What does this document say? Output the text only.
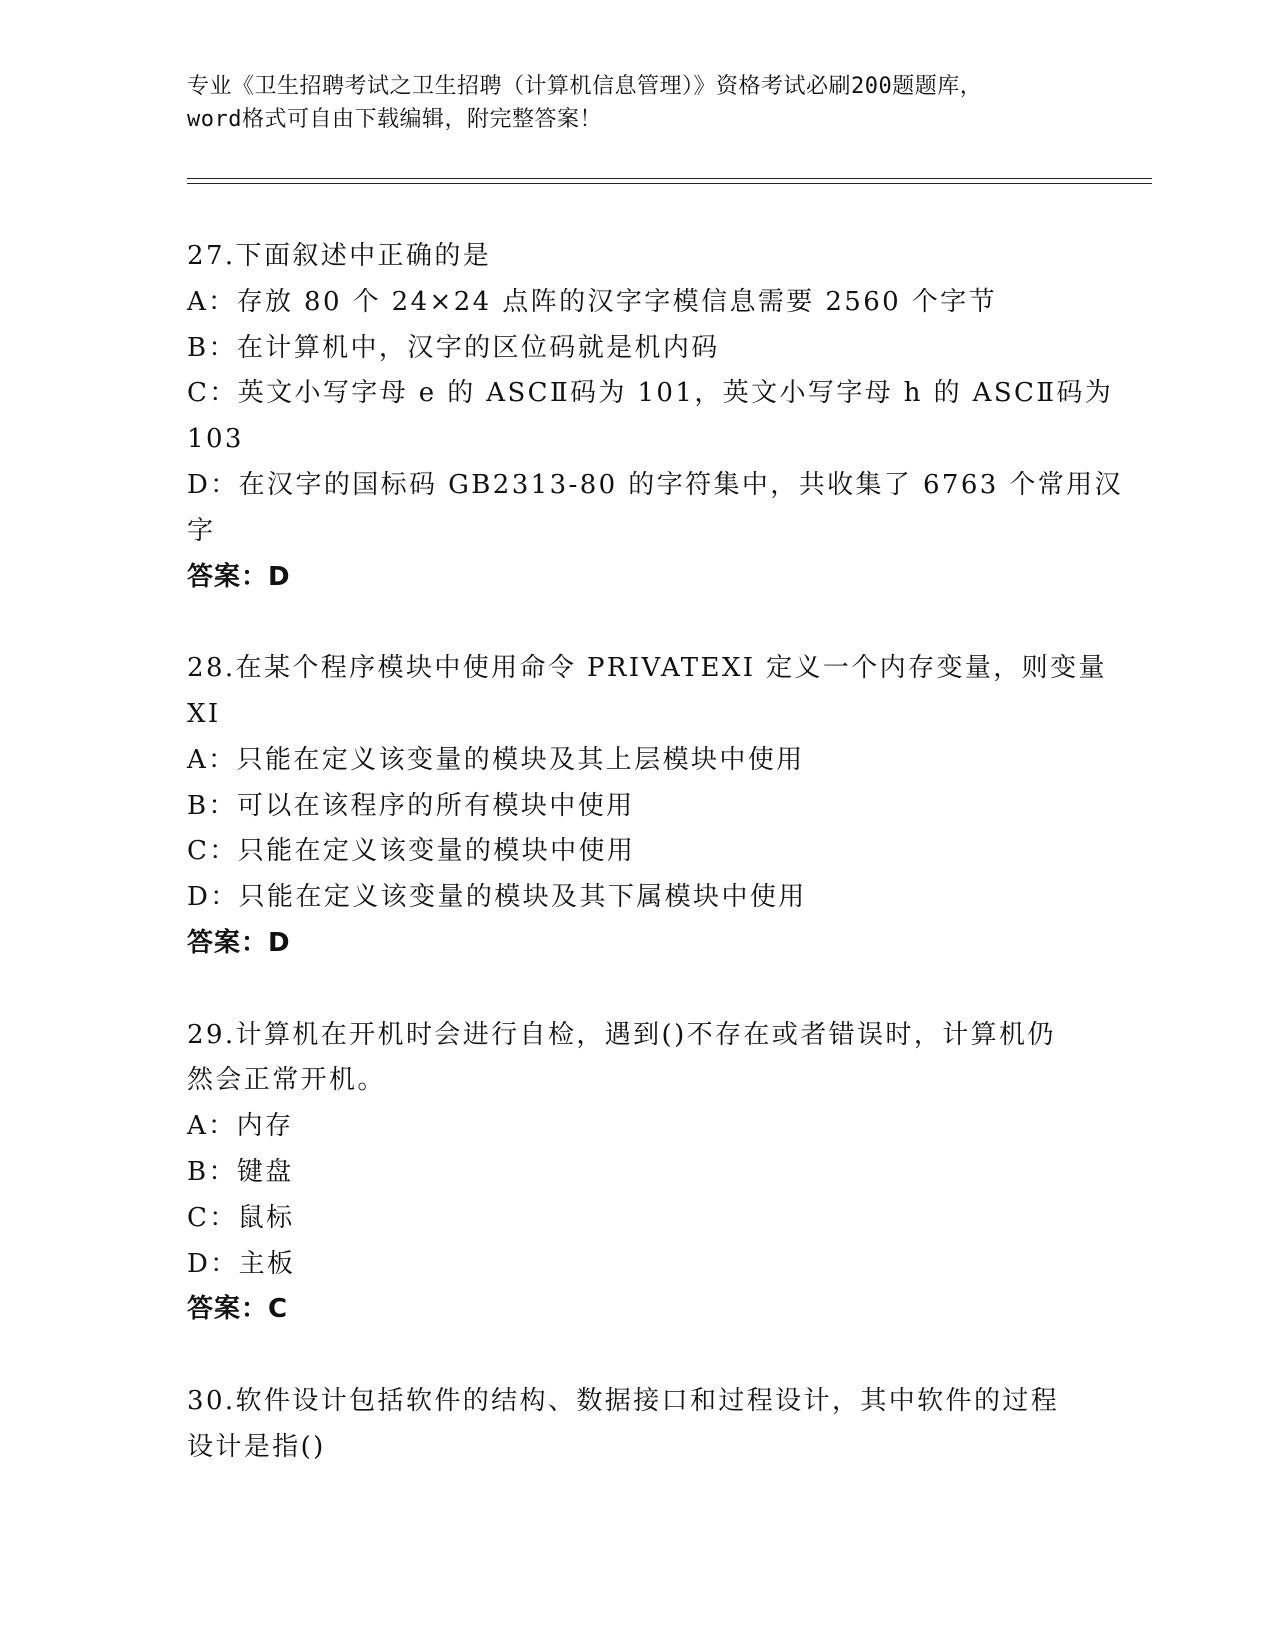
专业《卫生招聘考试之卫生招聘（计算机信息管理）》资格考试必刷200题题库，
word格式可自由下载编辑，附完整答案！
27.下面叙述中正确的是
A：存放 80 个 24×24 点阵的汉字字模信息需要 2560 个字节
B：在计算机中，汉字的区位码就是机内码
C：英文小写字母 e 的 ASCⅡ码为 101，英文小写字母 h 的 ASCⅡ码为
103
D：在汉字的国标码 GB2313-80 的字符集中，共收集了 6763 个常用汉
字
答案：D
28.在某个程序模块中使用命令 PRIVATEXI 定义一个内存变量，则变量
XI
A：只能在定义该变量的模块及其上层模块中使用
B：可以在该程序的所有模块中使用
C：只能在定义该变量的模块中使用
D：只能在定义该变量的模块及其下属模块中使用
答案：D
29.计算机在开机时会进行自检，遇到()不存在或者错误时，计算机仍
然会正常开机。
A：内存
B：键盘
C：鼠标
D：主板
答案：C
30.软件设计包括软件的结构、数据接口和过程设计，其中软件的过程
设计是指()
